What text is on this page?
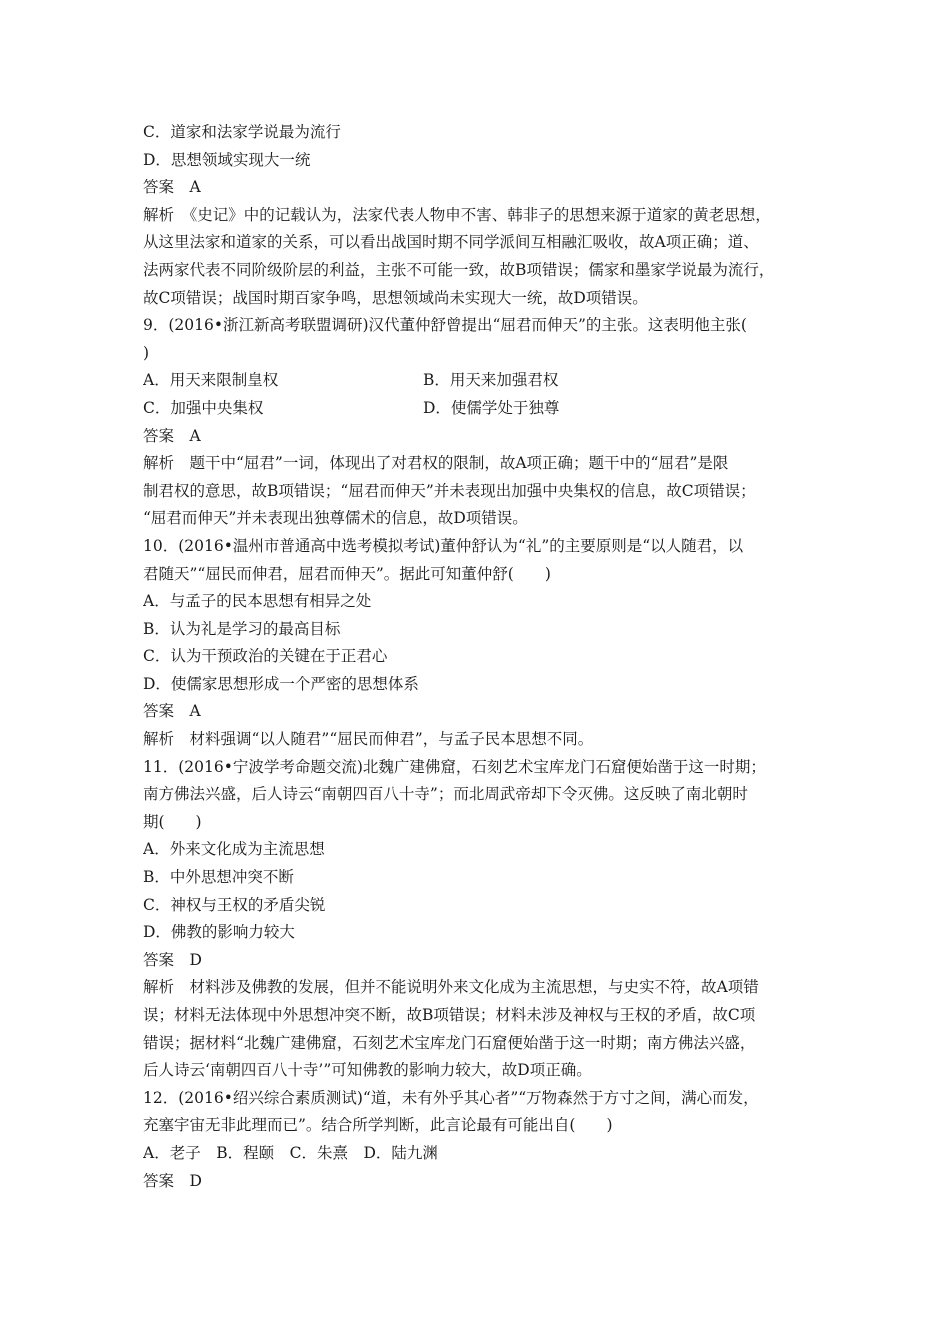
C．道家和法家学说最为流行
D．思想领域实现大一统
答案　A
解析　《史记》中的记载认为，法家代表人物申不害、韩非子的思想来源于道家的黄老思想，
从这里法家和道家的关系，可以看出战国时期不同学派间互相融汇吸收，故A项正确；道、
法两家代表不同阶级阶层的利益，主张不可能一致，故B项错误；儒家和墨家学说最为流行，
故C项错误；战国时期百家争鸣，思想领域尚未实现大一统，故D项错误。
9．(2016•浙江新高考联盟调研)汉代董仲舒曾提出“屈君而伸天”的主张。这表明他主张(
)
A．用天来限制皇权	B．用天来加强君权
C．加强中央集权	D．使儒学处于独尊
答案　A
解析　题干中“屈君”一词，体现出了对君权的限制，故A项正确；题干中的“屈君”是限
制君权的意思，故B项错误；“屈君而伸天”并未表现出加强中央集权的信息，故C项错误；
“屈君而伸天”并未表现出独尊儒术的信息，故D项错误。
10．(2016•温州市普通高中选考模拟考试)董仲舒认为“礼”的主要原则是“以人随君，以
君随天”“屈民而伸君，屈君而伸天”。据此可知董仲舒(　　)
A．与孟子的民本思想有相异之处
B．认为礼是学习的最高目标
C．认为干预政治的关键在于正君心
D．使儒家思想形成一个严密的思想体系
答案　A
解析　材料强调“以人随君”“屈民而伸君”，与孟子民本思想不同。
11．(2016•宁波学考命题交流)北魏广建佛窟，石刻艺术宝库龙门石窟便始凿于这一时期；
南方佛法兴盛，后人诗云“南朝四百八十寺”；而北周武帝却下令灭佛。这反映了南北朝时
期(　　)
A．外来文化成为主流思想
B．中外思想冲突不断
C．神权与王权的矛盾尖锐
D．佛教的影响力较大
答案　D
解析　材料涉及佛教的发展，但并不能说明外来文化成为主流思想，与史实不符，故A项错
误；材料无法体现中外思想冲突不断，故B项错误；材料未涉及神权与王权的矛盾，故C项
错误；据材料“北魏广建佛窟，石刻艺术宝库龙门石窟便始凿于这一时期；南方佛法兴盛，
后人诗云‘南朝四百八十寺’”可知佛教的影响力较大，故D项正确。
12．(2016•绍兴综合素质测试)“道，未有外乎其心者”“万物森然于方寸之间，满心而发，
充塞宇宙无非此理而已”。结合所学判断，此言论最有可能出自(　　)
A．老子　B．程颐　C．朱熹　D．陆九渊
答案　D
